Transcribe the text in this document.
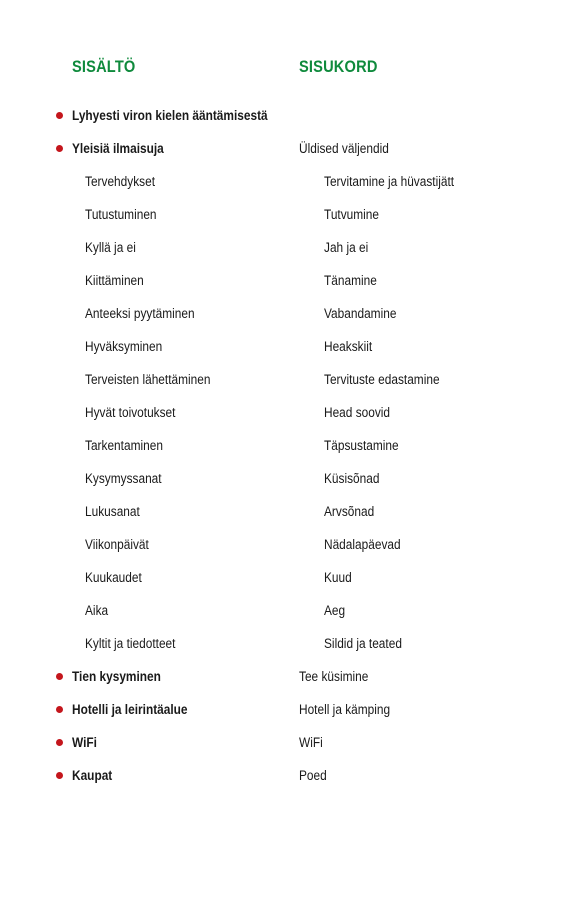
SISÄLTÖ	SISUKORD
Lyhyesti viron kielen ääntämisestä
Yleisiä ilmaisuja	Üldised väljendid
Tervehdykset	Tervitamine ja hüvastijätt
Tutustuminen	Tutvumine
Kyllä ja ei	Jah ja ei
Kiittäminen	Tänamine
Anteeksi pyytäminen	Vabandamine
Hyväksyminen	Heakskiit
Terveisten lähettäminen	Tervituste edastamine
Hyvät toivotukset	Head soovid
Tarkentaminen	Täpsustamine
Kysymyssanat	Küsisõnad
Lukusanat	Arvsõnad
Viikonpäivät	Nädalapäevad
Kuukaudet	Kuud
Aika	Aeg
Kyltit ja tiedotteet	Sildid ja teated
Tien kysyminen	Tee küsimine
Hotelli ja leirintäalue	Hotell ja kämping
WiFi	WiFi
Kaupat	Poed
